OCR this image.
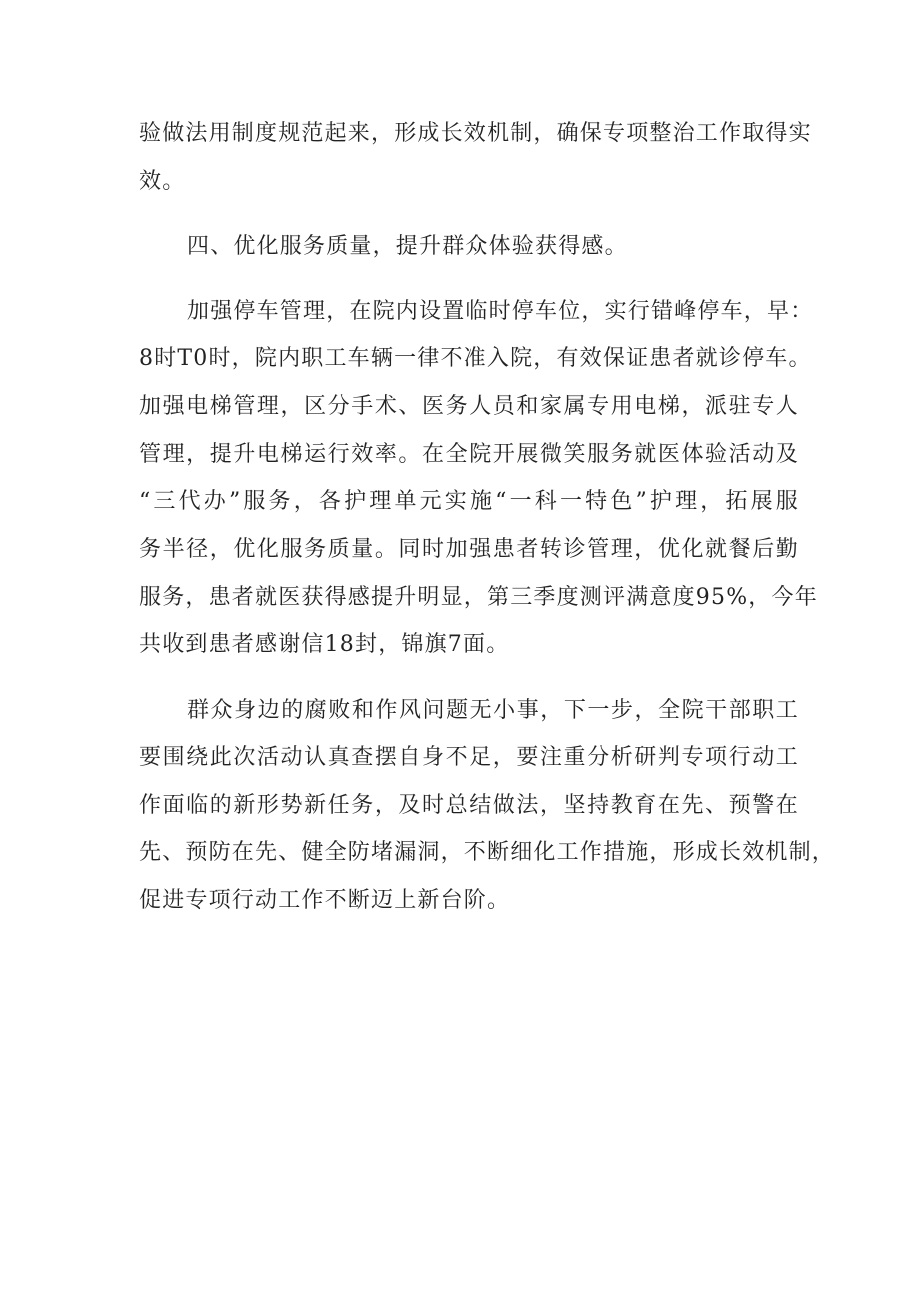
验做法用制度规范起来，形成长效机制，确保专项整治工作取得实
效。
四、优化服务质量，提升群众体验获得感。
加强停车管理，在院内设置临时停车位，实行错峰停车，早：
8时T0时，院内职工车辆一律不准入院，有效保证患者就诊停车。
加强电梯管理，区分手术、医务人员和家属专用电梯，派驻专人
管理，提升电梯运行效率。在全院开展微笑服务就医体验活动及
“三代办”服务，各护理单元实施“一科一特色”护理，拓展服
务半径，优化服务质量。同时加强患者转诊管理，优化就餐后勤
服务，患者就医获得感提升明显，第三季度测评满意度95%，今年
共收到患者感谢信18封，锦旗7面。
群众身边的腐败和作风问题无小事，下一步，全院干部职工
要围绕此次活动认真查摆自身不足，要注重分析研判专项行动工
作面临的新形势新任务，及时总结做法，坚持教育在先、预警在
先、预防在先、健全防堵漏洞，不断细化工作措施，形成长效机制，
促进专项行动工作不断迈上新台阶。
